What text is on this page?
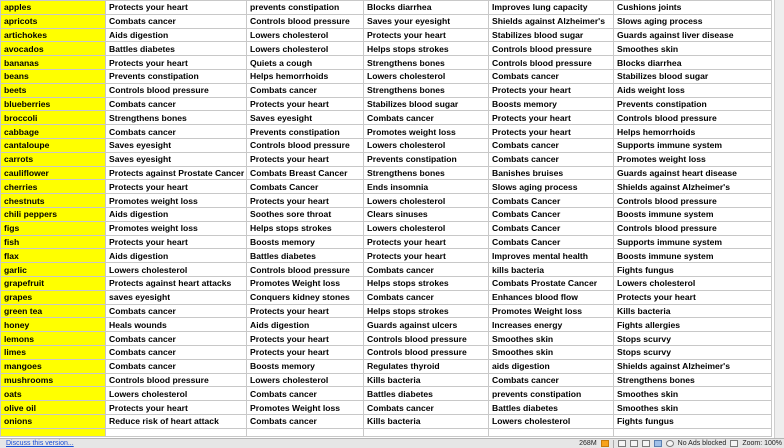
apples	Protects your heart	prevents constipation	Blocks diarrhea	Improves lung capacity	Cushions joints
apricots	Combats cancer	Controls blood pressure	Saves your eyesight	Shields against Alzheimer's	Slows aging process
artichokes	Aids digestion	Lowers cholesterol	Protects your heart	Stabilizes blood sugar	Guards against liver disease
avocados	Battles diabetes	Lowers cholesterol	Helps stops strokes	Controls blood pressure	Smoothes skin
bananas	Protects your heart	Quiets a cough	Strengthens bones	Controls blood pressure	Blocks diarrhea
beans	Prevents constipation	Helps hemorrhoids	Lowers cholesterol	Combats cancer	Stabilizes blood sugar
beets	Controls blood pressure	Combats cancer	Strengthens bones	Protects your heart	Aids weight loss
blueberries	Combats cancer	Protects your heart	Stabilizes blood sugar	Boosts memory	Prevents constipation
broccoli	Strengthens bones	Saves eyesight	Combats cancer	Protects your heart	Controls blood pressure
cabbage	Combats cancer	Prevents constipation	Promotes weight loss	Protects your heart	Helps hemorrhoids
cantaloupe	Saves eyesight	Controls blood pressure	Lowers cholesterol	Combats cancer	Supports immune system
carrots	Saves eyesight	Protects your heart	Prevents constipation	Combats cancer	Promotes weight loss
cauliflower	Protects against Prostate Cancer	Combats Breast Cancer	Strengthens bones	Banishes bruises	Guards against heart disease
cherries	Protects your heart	Combats Cancer	Ends insomnia	Slows aging process	Shields against Alzheimer's
chestnuts	Promotes weight loss	Protects your heart	Lowers cholesterol	Combats Cancer	Controls blood pressure
chili peppers	Aids digestion	Soothes sore throat	Clears sinuses	Combats Cancer	Boosts immune system
figs	Promotes weight loss	Helps stops strokes	Lowers cholesterol	Combats Cancer	Controls blood pressure
fish	Protects your heart	Boosts memory	Protects your heart	Combats Cancer	Supports immune system
flax	Aids digestion	Battles diabetes	Protects your heart	Improves mental health	Boosts immune system
garlic	Lowers cholesterol	Controls blood pressure	Combats cancer	kills bacteria	Fights fungus
grapefruit	Protects against heart attacks	Promotes Weight loss	Helps stops strokes	Combats Prostate Cancer	Lowers cholesterol
grapes	saves eyesight	Conquers kidney stones	Combats cancer	Enhances blood flow	Protects your heart
green tea	Combats cancer	Protects your heart	Helps stops strokes	Promotes Weight loss	Kills bacteria
honey	Heals wounds	Aids digestion	Guards against ulcers	Increases energy	Fights allergies
lemons	Combats cancer	Protects your heart	Controls blood pressure	Smoothes skin	Stops scurvy
limes	Combats cancer	Protects your heart	Controls blood pressure	Smoothes skin	Stops scurvy
mangoes	Combats cancer	Boosts memory	Regulates thyroid	aids digestion	Shields against Alzheimer's
mushrooms	Controls blood pressure	Lowers cholesterol	Kills bacteria	Combats cancer	Strengthens bones
oats	Lowers cholesterol	Combats cancer	Battles diabetes	prevents constipation	Smoothes skin
olive oil	Protects your heart	Promotes Weight loss	Combats cancer	Battles diabetes	Smoothes skin
onions	Reduce risk of heart attack	Combats cancer	Kills bacteria	Lowers cholesterol	Fights fungus

Discuss this version...	268M	No Ads blocked Zoom: 100%
